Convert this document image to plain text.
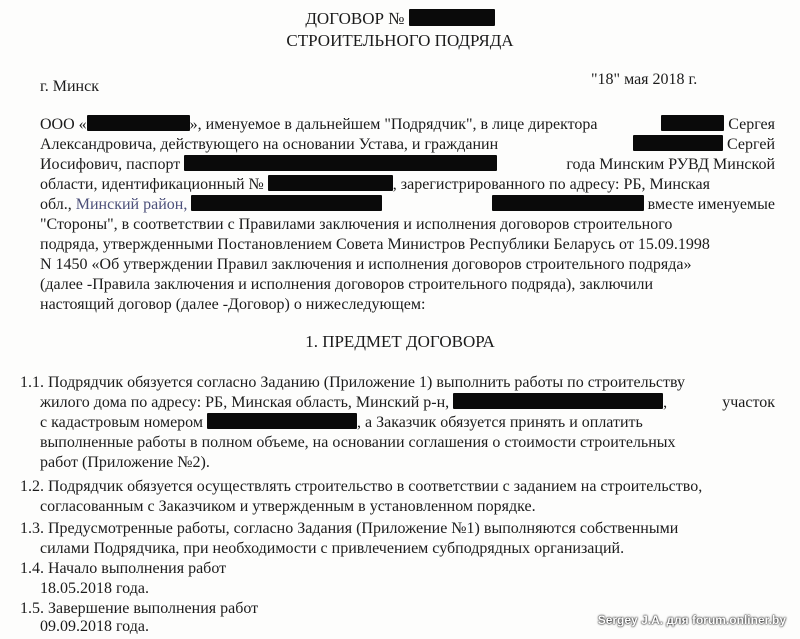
ДОГОВОР №
СТРОИТЕЛЬНОГО ПОДРЯДА
г. Минск	"18" мая 2018 г.
ООО «	», именуемое в дальнейшем "Подрядчик", в лице директора	Сергея
Александровича, действующего на основании Устава, и гражданин	Сергей
Иосифович, паспорт	года Минским РУВД Минской
области, идентификационный №	, зарегистрированного по адресу: РБ, Минская
обл., Минский район,	вместе именуемые
"Стороны", в соответствии с Правилами заключения и исполнения договоров строительного
подряда, утвержденными Постановлением Совета Министров Республики Беларусь от 15.09.1998
N 1450 «Об утверждении Правил заключения и исполнения договоров строительного подряда»
(далее -Правила заключения и исполнения договоров строительного подряда), заключили
настоящий договор (далее -Договор) о нижеследующем:
1. ПРЕДМЕТ ДОГОВОРА
1.1. Подрядчик обязуется согласно Заданию (Приложение 1) выполнить работы по строительству
жилого дома по адресу: РБ, Минская область, Минский р-н,	,	участок
с кадастровым номером	, а Заказчик обязуется принять и оплатить
выполненные работы в полном объеме, на основании соглашения о стоимости строительных
работ (Приложение №2).
1.2. Подрядчик обязуется осуществлять строительство в соответствии с заданием на строительство,
согласованным с Заказчиком и утвержденным в установленном порядке.
1.3. Предусмотренные работы, согласно Задания (Приложение №1) выполняются собственными
силами Подрядчика, при необходимости с привлечением субподрядных организаций.
1.4. Начало выполнения работ
18.05.2018 года.
1.5. Завершение выполнения работ
09.09.2018 года.	Sergey J.A. для forum.onliner.by
